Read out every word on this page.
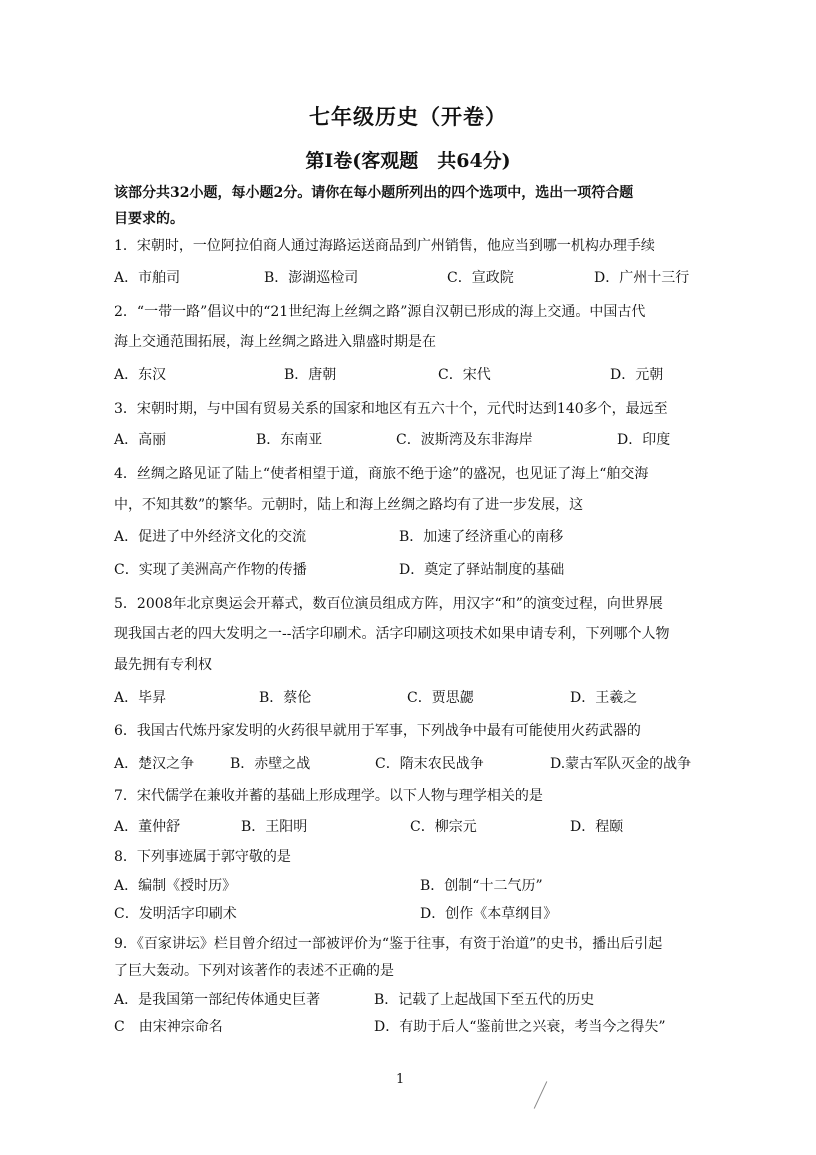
七年级历史（开卷）
第Ⅰ卷(客观题　共64分)
该部分共32小题，每小题2分。请你在每小题所列出的四个选项中，选出一项符合题
目要求的。
1．宋朝时，一位阿拉伯商人通过海路运送商品到广州销售，他应当到哪一机构办理手续
A．市舶司	B．澎湖巡检司	C．宣政院	D．广州十三行
2．“一带一路”倡议中的“21世纪海上丝绸之路”源自汉朝已形成的海上交通。中国古代
海上交通范围拓展，海上丝绸之路进入鼎盛时期是在
A．东汉	B．唐朝	C．宋代	D．元朝
3．宋朝时期，与中国有贸易关系的国家和地区有五六十个，元代时达到140多个，最远至
A．高丽	B．东南亚	C．波斯湾及东非海岸	D．印度
4．丝绸之路见证了陆上“使者相望于道，商旅不绝于途”的盛况，也见证了海上“舶交海
中，不知其数”的繁华。元朝时，陆上和海上丝绸之路均有了进一步发展，这
A．促进了中外经济文化的交流	B．加速了经济重心的南移
C．实现了美洲高产作物的传播	D．奠定了驿站制度的基础
5．2008年北京奥运会开幕式，数百位演员组成方阵，用汉字“和”的演变过程，向世界展
现我国古老的四大发明之一--活字印刷术。活字印刷这项技术如果申请专利，下列哪个人物
最先拥有专利权
A．毕昇	B．蔡伦	C．贾思勰	D．王羲之
6．我国古代炼丹家发明的火药很早就用于军事，下列战争中最有可能使用火药武器的
A．楚汉之争	B．赤壁之战	C．隋末农民战争	D.蒙古军队灭金的战争
7．宋代儒学在兼收并蓄的基础上形成理学。以下人物与理学相关的是
A．董仲舒	B．王阳明	C．柳宗元	D．程颐
8．下列事迹属于郭守敬的是
A．编制《授时历》	B．创制“十二气历”
C．发明活字印刷术	D．创作《本草纲目》
9．《百家讲坛》栏目曾介绍过一部被评价为“鉴于往事，有资于治道”的史书，播出后引起
了巨大轰动。下列对该著作的表述不正确的是
A．是我国第一部纪传体通史巨著	B．记载了上起战国下至五代的历史
C　由宋神宗命名	D．有助于后人“鉴前世之兴衰，考当今之得失”
1
